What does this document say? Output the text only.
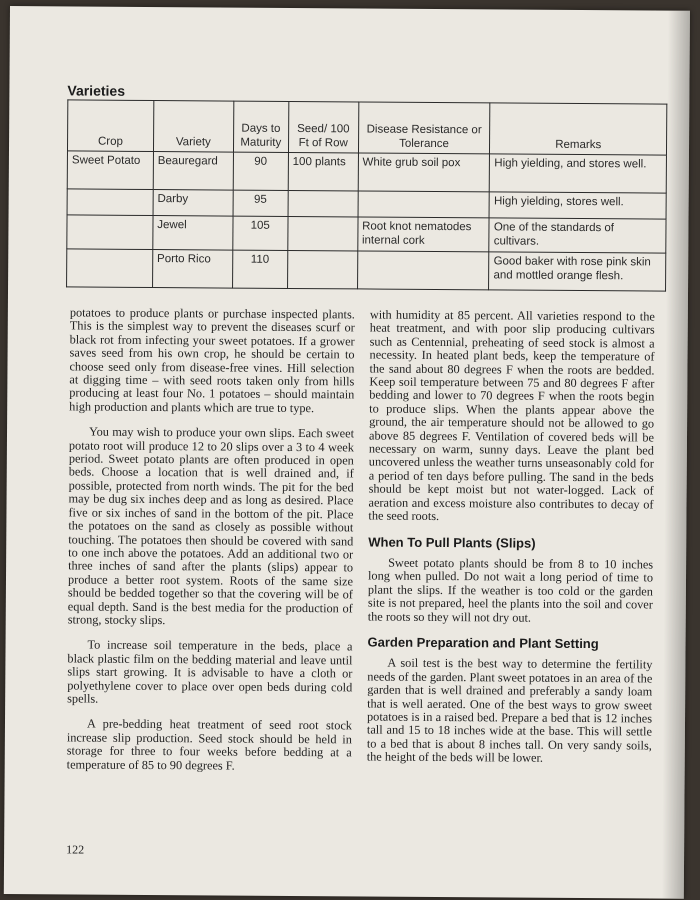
Varieties
Crop	Variety	Days to Maturity	Seed/ 100 Ft of Row	Disease Resistance or Tolerance	Remarks
Sweet Potato	Beauregard	90	100 plants	White grub soil pox	High yielding, and stores well.
	Darby	95			High yielding, stores well.
	Jewel	105		Root knot nematodes internal cork	One of the standards of cultivars.
	Porto Rico	110			Good baker with rose pink skin and mottled orange flesh.

potatoes to produce plants or purchase inspected plants. This is the simplest way to prevent the diseases scurf or black rot from infecting your sweet potatoes. If a grower saves seed from his own crop, he should be certain to choose seed only from disease-free vines. Hill selection at digging time – with seed roots taken only from hills producing at least four No. 1 potatoes – should maintain high production and plants which are true to type.

You may wish to produce your own slips. Each sweet potato root will produce 12 to 20 slips over a 3 to 4 week period. Sweet potato plants are often produced in open beds. Choose a location that is well drained and, if possible, protected from north winds. The pit for the bed may be dug six inches deep and as long as desired. Place five or six inches of sand in the bottom of the pit. Place the potatoes on the sand as closely as possible without touching. The potatoes then should be covered with sand to one inch above the potatoes. Add an additional two or three inches of sand after the plants (slips) appear to produce a better root system. Roots of the same size should be bedded together so that the covering will be of equal depth. Sand is the best media for the production of strong, stocky slips.

To increase soil temperature in the beds, place a black plastic film on the bedding material and leave until slips start growing. It is advisable to have a cloth or polyethylene cover to place over open beds during cold spells.

A pre-bedding heat treatment of seed root stock increase slip production. Seed stock should be held in storage for three to four weeks before bedding at a temperature of 85 to 90 degrees F.

with humidity at 85 percent. All varieties respond to the heat treatment, and with poor slip producing cultivars such as Centennial, preheating of seed stock is almost a necessity. In heated plant beds, keep the temperature of the sand about 80 degrees F when the roots are bedded. Keep soil temperature between 75 and 80 degrees F after bedding and lower to 70 degrees F when the roots begin to produce slips. When the plants appear above the ground, the air temperature should not be allowed to go above 85 degrees F. Ventilation of covered beds will be necessary on warm, sunny days. Leave the plant bed uncovered unless the weather turns unseasonably cold for a period of ten days before pulling. The sand in the beds should be kept moist but not water-logged. Lack of aeration and excess moisture also contributes to decay of the seed roots.

When To Pull Plants (Slips)

Sweet potato plants should be from 8 to 10 inches long when pulled. Do not wait a long period of time to plant the slips. If the weather is too cold or the garden site is not prepared, heel the plants into the soil and cover the roots so they will not dry out.

Garden Preparation and Plant Setting

A soil test is the best way to determine the fertility needs of the garden. Plant sweet potatoes in an area of the garden that is well drained and preferably a sandy loam that is well aerated. One of the best ways to grow sweet potatoes is in a raised bed. Prepare a bed that is 12 inches tall and 15 to 18 inches wide at the base. This will settle to a bed that is about 8 inches tall. On very sandy soils, the height of the beds will be lower.

122
